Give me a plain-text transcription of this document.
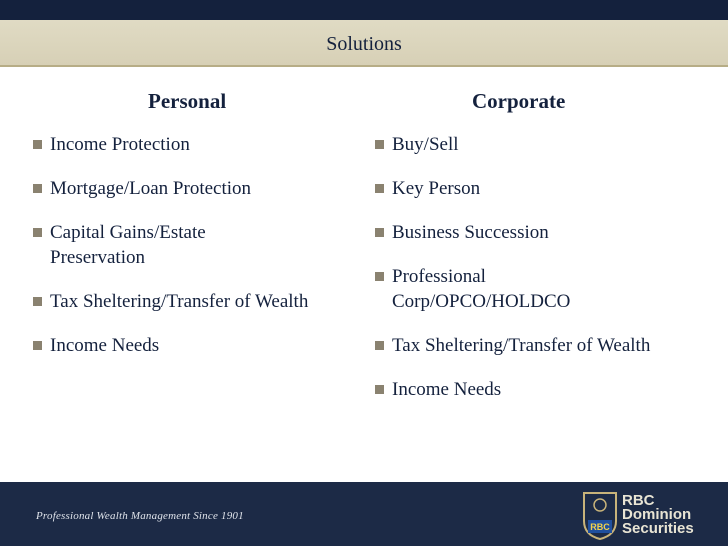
Solutions
Personal
Income Protection
Mortgage/Loan Protection
Capital Gains/Estate Preservation
Tax Sheltering/Transfer of Wealth
Income Needs
Corporate
Buy/Sell
Key Person
Business Succession
Professional Corp/OPCO/HOLDCO
Tax Sheltering/Transfer of Wealth
Income Needs
Professional Wealth Management Since 1901
RBC
RBC
Dominion
Securities
